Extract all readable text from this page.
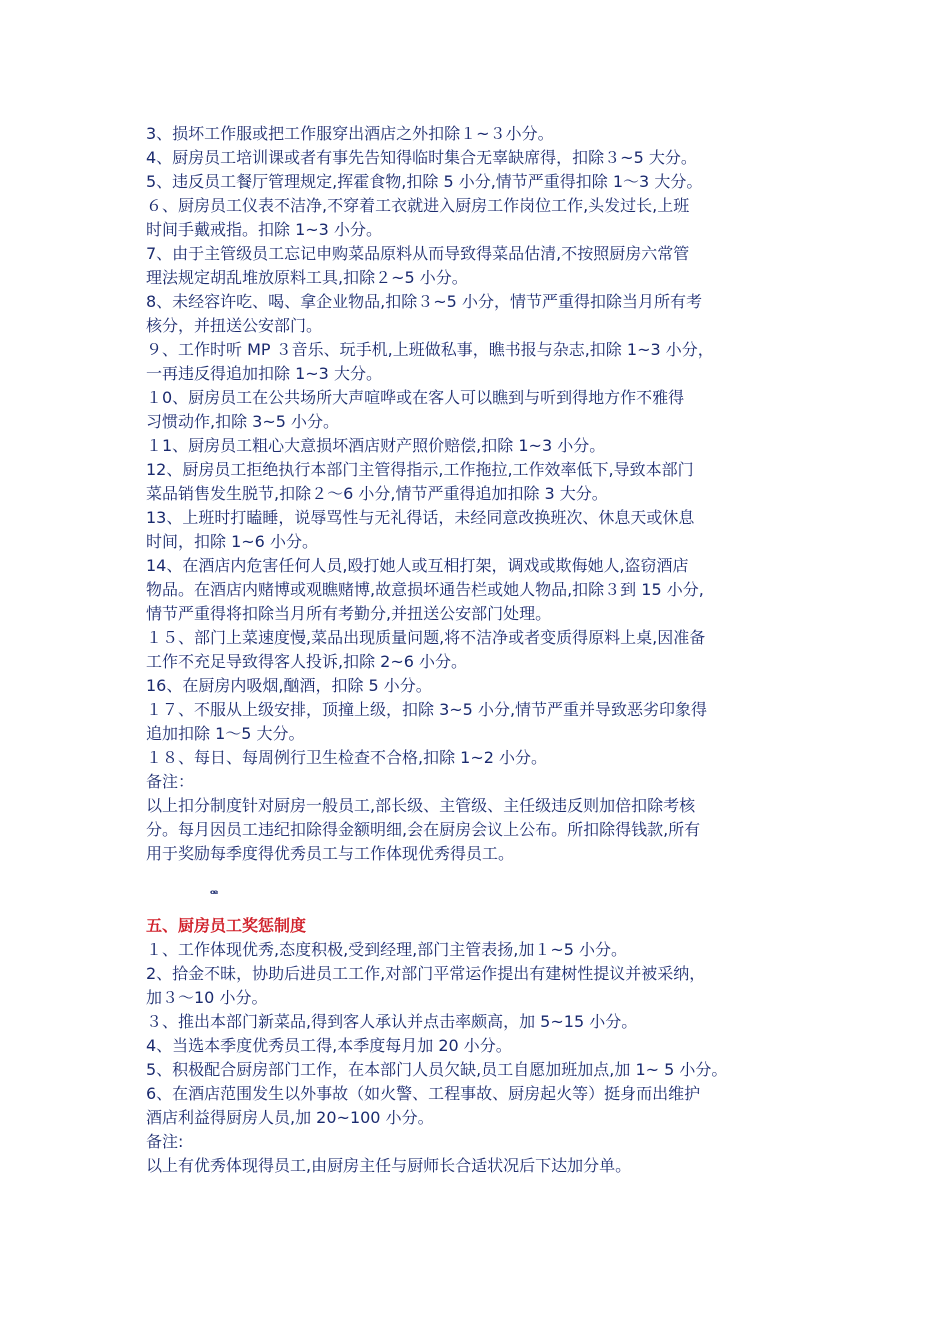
3、损坏工作服或把工作服穿出酒店之外扣除１~３小分。

4、厨房员工培训课或者有事先告知得临时集合无辜缺席得，扣除３~5 大分。

5、违反员工餐厅管理规定,挥霍食物,扣除 5 小分,情节严重得扣除 1～3 大分。

６、厨房员工仪表不洁净,不穿着工衣就进入厨房工作岗位工作,头发过长,上班
时间手戴戒指。扣除 1~3 小分。

7、由于主管级员工忘记申购菜品原料从而导致得菜品估清,不按照厨房六常管
理法规定胡乱堆放原料工具,扣除２~5 小分。

8、未经容许吃、喝、拿企业物品,扣除３~5 小分，情节严重得扣除当月所有考
核分，并扭送公安部门。

９、工作时听 MP ３音乐、玩手机,上班做私事，瞧书报与杂志,扣除 1~3 小分，
一再违反得追加扣除 1~3 大分。

１0、厨房员工在公共场所大声喧哗或在客人可以瞧到与听到得地方作不雅得
习惯动作,扣除 3~5 小分。

１1、厨房员工粗心大意损坏酒店财产照价赔偿,扣除 1~3 小分。

12、厨房员工拒绝执行本部门主管得指示,工作拖拉,工作效率低下,导致本部门
菜品销售发生脱节,扣除２～6 小分,情节严重得追加扣除 3 大分。

13、上班时打瞌睡，说辱骂性与无礼得话，未经同意改换班次、休息天或休息
时间，扣除 1~6 小分。

14、在酒店内危害任何人员,殴打她人或互相打架，调戏或欺侮她人,盗窃酒店
物品。在酒店内赌博或观瞧赌博,故意损坏通告栏或她人物品,扣除３到 15 小分,
情节严重得将扣除当月所有考勤分,并扭送公安部门处理。

１５、部门上菜速度慢,菜品出现质量问题,将不洁净或者变质得原料上桌,因准备
工作不充足导致得客人投诉,扣除 2~6 小分。

16、在厨房内吸烟,酗酒，扣除 5 小分。

１７、不服从上级安排，顶撞上级，扣除 3~5 小分,情节严重并导致恶劣印象得
追加扣除 1～5 大分。

１８、每日、每周例行卫生检查不合格,扣除 1~2 小分。

备注：

以上扣分制度针对厨房一般员工,部长级、主管级、主任级违反则加倍扣除考核
分。每月因员工违纪扣除得金额明细,会在厨房会议上公布。所扣除得钱款,所有
用于奖励每季度得优秀员工与工作体现优秀得员工。

ꟹ
五、厨房员工奖惩制度

１、工作体现优秀,态度积极,受到经理,部门主管表扬,加１~5 小分。

2、拾金不昧，协助后进员工工作,对部门平常运作提出有建树性提议并被采纳，
加３～10 小分。

３、推出本部门新菜品,得到客人承认并点击率颇高，加 5~15 小分。

4、当选本季度优秀员工得,本季度每月加 20 小分。

5、积极配合厨房部门工作，在本部门人员欠缺,员工自愿加班加点,加 1~ 5 小分。

6、在酒店范围发生以外事故（如火警、工程事故、厨房起火等）挺身而出维护
酒店利益得厨房人员,加 20~100 小分。

备注:

以上有优秀体现得员工,由厨房主任与厨师长合适状况后下达加分单。
